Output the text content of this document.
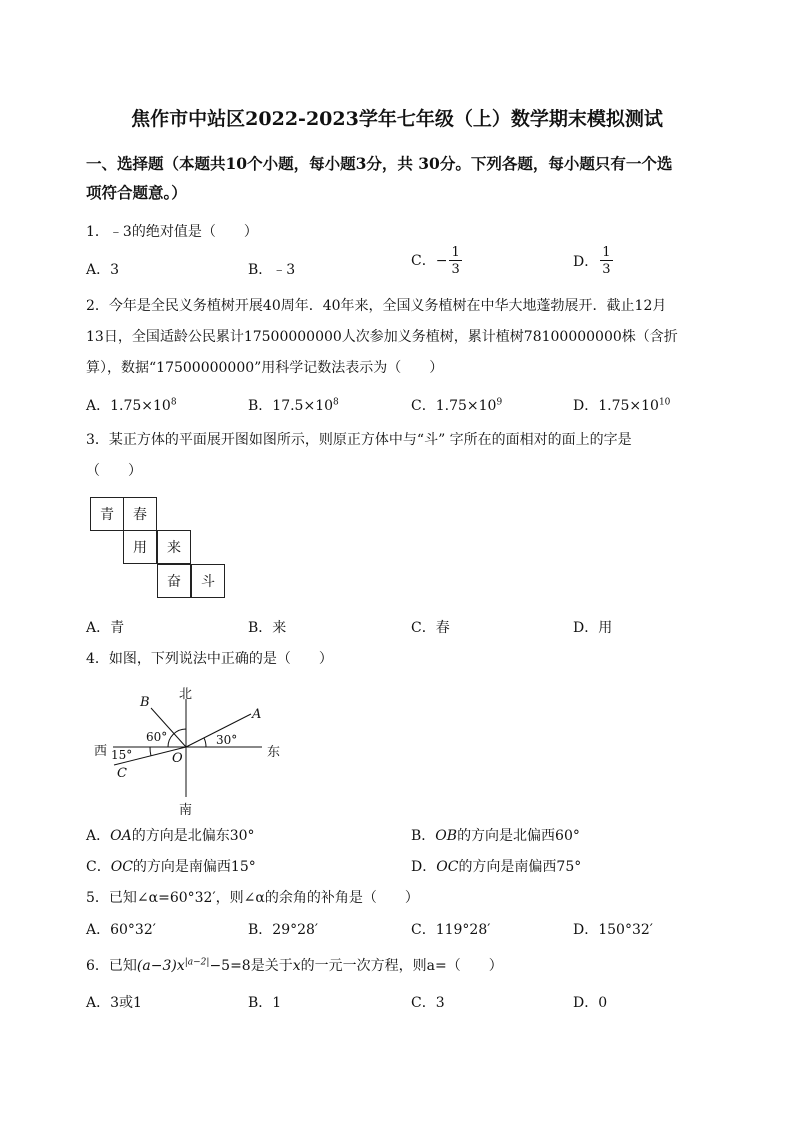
焦作市中站区2022-2023学年七年级（上）数学期末模拟测试
一、选择题（本题共10个小题，每小题3分，共 30分。下列各题，每小题只有一个选
项符合题意。）
1．﹣3的绝对值是（　　）
A．3	B．﹣3
C．− $\frac{1}{3}$	D． $\frac{1}{3}$
2．今年是全民义务植树开展40周年．40年来，全国义务植树在中华大地蓬勃展开．截止12月
13日，全国适龄公民累计17500000000人次参加义务植树，累计植树78100000000株（含折
算），数据“17500000000”用科学记数法表示为（　　）
A．$1.75\times 10^8$	B．$17.5\times 10^8$	C．$1.75\times 10^9$	D．$1.75\times 10^{10}$
3．某正方体的平面展开图如图所示，则原正方体中与“斗” 字所在的面相对的面上的字是
（　　）
青	春
用	来
奋	斗
A．青	B．来	C．春	D．用
4．如图，下列说法中正确的是（　　）
北
南
东
西
A
B
C
O
60°	30°
15°
A．OA的方向是北偏东30°	B．OB的方向是北偏西60°
C．OC的方向是南偏西15°	D．OC的方向是南偏西75°
5．已知∠α=60°32′，则∠α的余角的补角是（　　）
A．60°32′	B．29°28′	C．119°28′	D．150°32′
6．已知$(a-3)x^{|a-2|}-5=8$是关于x的一元一次方程，则a=（　　）
A．3或1	B．1	C．3	D．0
